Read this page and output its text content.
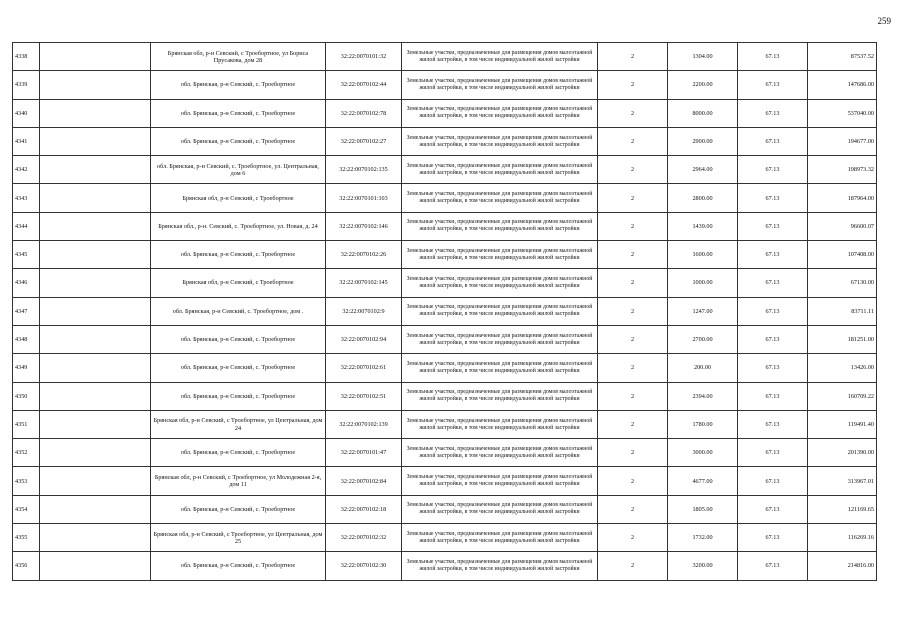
259
4338		Брянская обл, р-н Севский, с Троебортное, ул Бориса Прусакова, дом 28	32:22:0070101:32	Земельные участки, предназначенные для размещения домов малоэтажной жилой застройки, в том числе индивидуальной жилой застройки	2	1304.00	67.13	87537.52
4339		обл. Брянская, р-н Севский, с. Троебортное	32:22:0070102:44	Земельные участки, предназначенные для размещения домов малоэтажной жилой застройки, в том числе индивидуальной жилой застройки	2	2200.00	67.13	147686.00
4340		обл. Брянская, р-н Севский, с. Троебортное	32:22:0070102:78	Земельные участки, предназначенные для размещения домов малоэтажной жилой застройки, в том числе индивидуальной жилой застройки	2	8000.00	67.13	537040.00
4341		обл. Брянская, р-н Севский, с. Троебортное	32:22:0070102:27	Земельные участки, предназначенные для размещения домов малоэтажной жилой застройки, в том числе индивидуальной жилой застройки	2	2900.00	67.13	194677.00
4342		обл. Брянская, р-н Севский, с. Троебортное, ул. Центральная, дом 6	32:22:0070102:135	Земельные участки, предназначенные для размещения домов малоэтажной жилой застройки, в том числе индивидуальной жилой застройки	2	2964.00	67.13	198973.32
4343		Брянская обл, р-н Севский, с Троебортное	32:22:0070101:103	Земельные участки, предназначенные для размещения домов малоэтажной жилой застройки, в том числе индивидуальной жилой застройки	2	2800.00	67.13	187964.00
4344		Брянская обл., р-н. Севский, с. Троебортное, ул. Новая, д. 24	32:22:0070102:146	Земельные участки, предназначенные для размещения домов малоэтажной жилой застройки, в том числе индивидуальной жилой застройки	2	1439.00	67.13	96600.07
4345		обл. Брянская, р-н Севский, с. Троебортное	32:22:0070102:26	Земельные участки, предназначенные для размещения домов малоэтажной жилой застройки, в том числе индивидуальной жилой застройки	2	1600.00	67.13	107408.00
4346		Брянская обл, р-н Севский, с Троебортное	32:22:0070102:145	Земельные участки, предназначенные для размещения домов малоэтажной жилой застройки, в том числе индивидуальной жилой застройки	2	1000.00	67.13	67130.00
4347		обл. Брянская, р-н Севский, с. Троебортное, дом .	32:22:0070102:9	Земельные участки, предназначенные для размещения домов малоэтажной жилой застройки, в том числе индивидуальной жилой застройки	2	1247.00	67.13	83711.11
4348		обл. Брянская, р-н Севский, с. Троебортное	32:22:0070102:94	Земельные участки, предназначенные для размещения домов малоэтажной жилой застройки, в том числе индивидуальной жилой застройки	2	2700.00	67.13	181251.00
4349		обл. Брянская, р-н Севский, с. Троебортное	32:22:0070102:61	Земельные участки, предназначенные для размещения домов малоэтажной жилой застройки, в том числе индивидуальной жилой застройки	2	200.00	67.13	13426.00
4350		обл. Брянская, р-н Севский, с. Троебортное	32:22:0070102:51	Земельные участки, предназначенные для размещения домов малоэтажной жилой застройки, в том числе индивидуальной жилой застройки	2	2394.00	67.13	160709.22
4351		Брянская обл, р-н Севский, с Троебортное, ул Центральная, дом 24	32:22:0070102:139	Земельные участки, предназначенные для размещения домов малоэтажной жилой застройки, в том числе индивидуальной жилой застройки	2	1780.00	67.13	119491.40
4352		обл. Брянская, р-н Севский, с. Троебортное	32:22:0070101:47	Земельные участки, предназначенные для размещения домов малоэтажной жилой застройки, в том числе индивидуальной жилой застройки	2	3000.00	67.13	201390.00
4353		Брянская обл, р-н Севский, с Троебортное, ул Молодежная 2-я, дом 11	32:22:0070102:84	Земельные участки, предназначенные для размещения домов малоэтажной жилой застройки, в том числе индивидуальной жилой застройки	2	4677.00	67.13	313967.01
4354		обл. Брянская, р-н Севский, с. Троебортное	32:22:0070102:18	Земельные участки, предназначенные для размещения домов малоэтажной жилой застройки, в том числе индивидуальной жилой застройки	2	1805.00	67.13	121169.65
4355		Брянская обл, р-н Севский, с Троебортное, ул Центральная, дом 25	32:22:0070102:32	Земельные участки, предназначенные для размещения домов малоэтажной жилой застройки, в том числе индивидуальной жилой застройки	2	1732.00	67.13	116269.16
4356		обл. Брянская, р-н Севский, с. Троебортное	32:22:0070102:30	Земельные участки, предназначенные для размещения домов малоэтажной жилой застройки, в том числе индивидуальной жилой застройки	2	3200.00	67.13	214816.00
